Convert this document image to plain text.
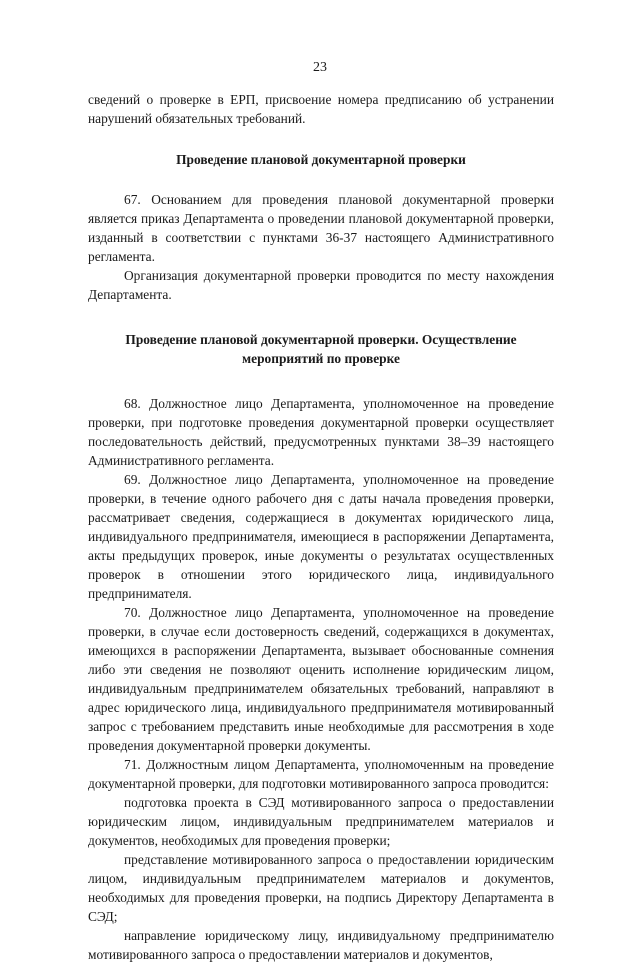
23

сведений о проверке в ЕРП, присвоение номера предписанию об устранении нарушений обязательных требований.

Проведение плановой документарной проверки

67. Основанием для проведения плановой документарной проверки является приказ Департамента о проведении плановой документарной проверки, изданный в соответствии с пунктами 36-37 настоящего Административного регламента.

Организация документарной проверки проводится по месту нахождения Департамента.

Проведение плановой документарной проверки. Осуществление мероприятий по проверке

68. Должностное лицо Департамента, уполномоченное на проведение проверки, при подготовке проведения документарной проверки осуществляет последовательность действий, предусмотренных пунктами 38–39 настоящего Административного регламента.

69. Должностное лицо Департамента, уполномоченное на проведение проверки, в течение одного рабочего дня с даты начала проведения проверки, рассматривает сведения, содержащиеся в документах юридического лица, индивидуального предпринимателя, имеющиеся в распоряжении Департамента, акты предыдущих проверок, иные документы о результатах осуществленных проверок в отношении этого юридического лица, индивидуального предпринимателя.

70. Должностное лицо Департамента, уполномоченное на проведение проверки, в случае если достоверность сведений, содержащихся в документах, имеющихся в распоряжении Департамента, вызывает обоснованные сомнения либо эти сведения не позволяют оценить исполнение юридическим лицом, индивидуальным предпринимателем обязательных требований, направляют в адрес юридического лица, индивидуального предпринимателя мотивированный запрос с требованием представить иные необходимые для рассмотрения в ходе проведения документарной проверки документы.

71. Должностным лицом Департамента, уполномоченным на проведение документарной проверки, для подготовки мотивированного запроса проводится:

подготовка проекта в СЭД мотивированного запроса о предоставлении юридическим лицом, индивидуальным предпринимателем материалов и документов, необходимых для проведения проверки;

представление мотивированного запроса о предоставлении юридическим лицом, индивидуальным предпринимателем материалов и документов, необходимых для проведения проверки, на подпись Директору Департамента в СЭД;

направление юридическому лицу, индивидуальному предпринимателю мотивированного запроса о предоставлении материалов и документов,
